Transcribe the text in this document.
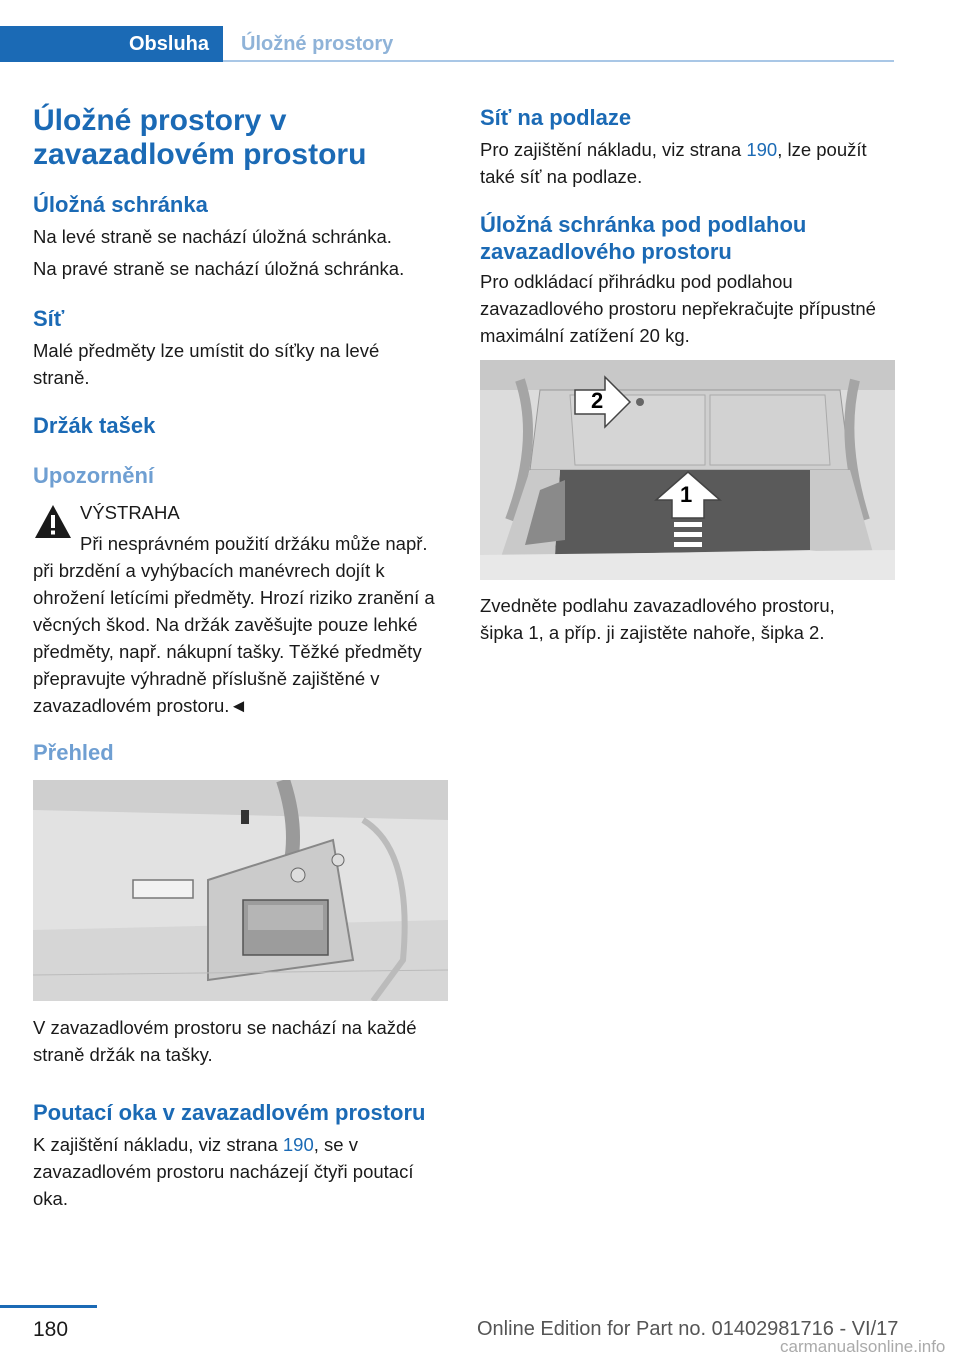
Obsluha	Úložné prostory
Úložné prostory v zavazadlovém prostoru
Úložná schránka
Na levé straně se nachází úložná schránka.
Na pravé straně se nachází úložná schránka.
Síť
Malé předměty lze umístit do síťky na levé straně.
Držák tašek
Upozornění
VÝSTRAHA
Při nesprávném použití držáku může např. při brzdění a vyhýbacích manévrech dojít k ohrožení letícími předměty. Hrozí riziko zranění a věcných škod. Na držák zavěšujte pouze lehké předměty, např. nákupní tašky. Těžké předměty přepravujte výhradně příslušně zajištěné v zavazadlovém prostoru.◄
Přehled
V zavazadlovém prostoru se nachází na každé straně držák na tašky.
Poutací oka v zavazadlovém prostoru
K zajištění nákladu, viz strana 190, se v zavazadlovém prostoru nacházejí čtyři poutací oka.
Síť na podlaze
Pro zajištění nákladu, viz strana 190, lze použít také síť na podlaze.
Úložná schránka pod podlahou zavazadlového prostoru
Pro odkládací přihrádku pod podlahou zavazadlového prostoru nepřekračujte přípustné maximální zatížení 20 kg.
1
2
Zvedněte podlahu zavazadlového prostoru, šipka 1, a příp. ji zajistěte nahoře, šipka 2.
180	Online Edition for Part no. 01402981716 - VI/17
carmanualsonline.info
